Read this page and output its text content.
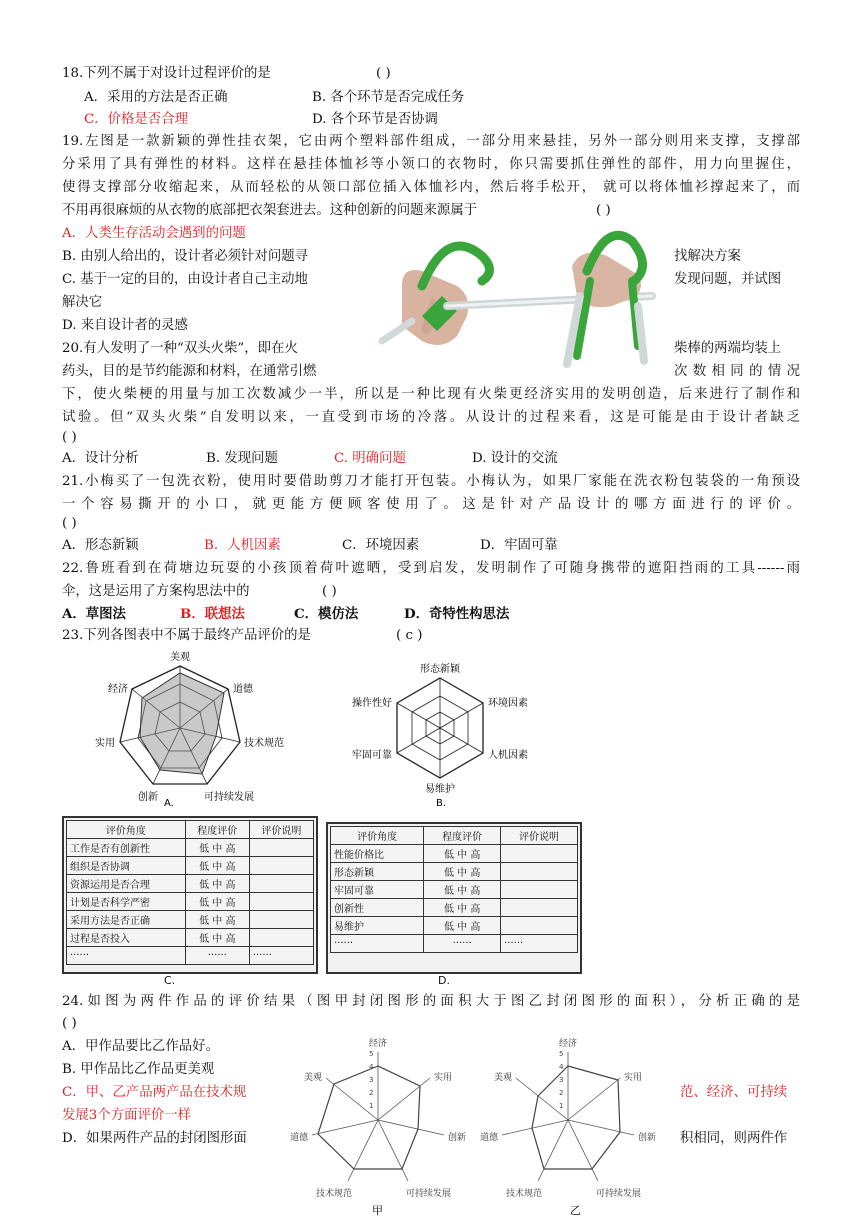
18.下列不属于对设计过程评价的是	( )
A．采用的方法是否正确	B. 各个环节是否完成任务
C．价格是否合理	D. 各个环节是否协调
19.左图是一款新颖的弹性挂衣架，它由两个塑料部件组成，一部分用来悬挂，另外一部分则用来支撑，支撑部
分采用了具有弹性的材料。这样在悬挂体恤衫等小领口的衣物时，你只需要抓住弹性的部件，用力向里握住，
使得支撑部分收缩起来，从而轻松的从领口部位插入体恤衫内，然后将手松开， 就可以将体恤衫撑起来了，而
不用再很麻烦的从衣物的底部把衣架套进去。这种创新的问题来源属于	( )
A．人类生存活动会遇到的问题
B. 由别人给出的，设计者必须针对问题寻	找解决方案
C. 基于一定的目的，由设计者自己主动地	发现问题，并试图
解决它
D. 来自设计者的灵感
20.有人发明了一种“双头火柴”，即在火	柴棒的两端均装上
药头，目的是节约能源和材料，在通常引燃	次数相同的情况
下，使火柴梗的用量与加工次数减少一半，所以是一种比现有火柴更经济实用的发明创造，后来进行了制作和
试验。但“双头火柴”自发明以来，一直受到市场的冷落。从设计的过程来看，这是可能是由于设计者缺乏
( )
A．设计分析	B. 发现问题	C. 明确问题	D. 设计的交流
21.小梅买了一包洗衣粉，使用时要借助剪刀才能打开包装。小梅认为，如果厂家能在洗衣粉包装袋的一角预设
一个容易撕开的小口，就更能方便顾客使用了。这是针对产品设计的哪方面进行的评价。
( )
A．形态新颖	B．人机因素	C．环境因素	D．牢固可靠
22.鲁班看到在荷塘边玩耍的小孩顶着荷叶遮晒，受到启发，发明制作了可随身携带的遮阳挡雨的工具------雨
伞，这是运用了方案构思法中的	( )
A．草图法	B．联想法	C．模仿法	D．奇特性构思法
23.下列各图表中不属于最终产品评价的是	( c )
美观
道德
技术规范
可持续发展
创新
实用
经济
A.
形态新颖
环境因素
人机因素
易维护
牢固可靠
操作性好
B.
评价角度	程度评价	评价说明
工作是否有创新性	低 中 高	
组织是否协调	低 中 高	
资源运用是否合理	低 中 高	
计划是否科学严密	低 中 高	
采用方法是否正确	低 中 高	
过程是否投入	低 中 高	
······	······	······
C.
评价角度	程度评价	评价说明
性能价格比	低 中 高	
形态新颖	低 中 高	
牢固可靠	低 中 高	
创新性	低 中 高	
易维护	低 中 高	
······	······	······
D.
24.如图为两件作品的评价结果（图甲封闭图形的面积大于图乙封闭图形的面积），分析正确的是
( )
A．甲作品要比乙作品好。
B. 甲作品比乙作品更美观
C．甲、乙产品两产品在技术规	范、经济、可持续
发展3个方面评价一样
D．如果两件产品的封闭图形面	积相同，则两件作
1
2
3
4
5
经济
实用
创新
可持续发展
技术规范
道德
美观
甲
1
2
3
4
5
经济
实用
创新
可持续发展
技术规范
道德
美观
乙
